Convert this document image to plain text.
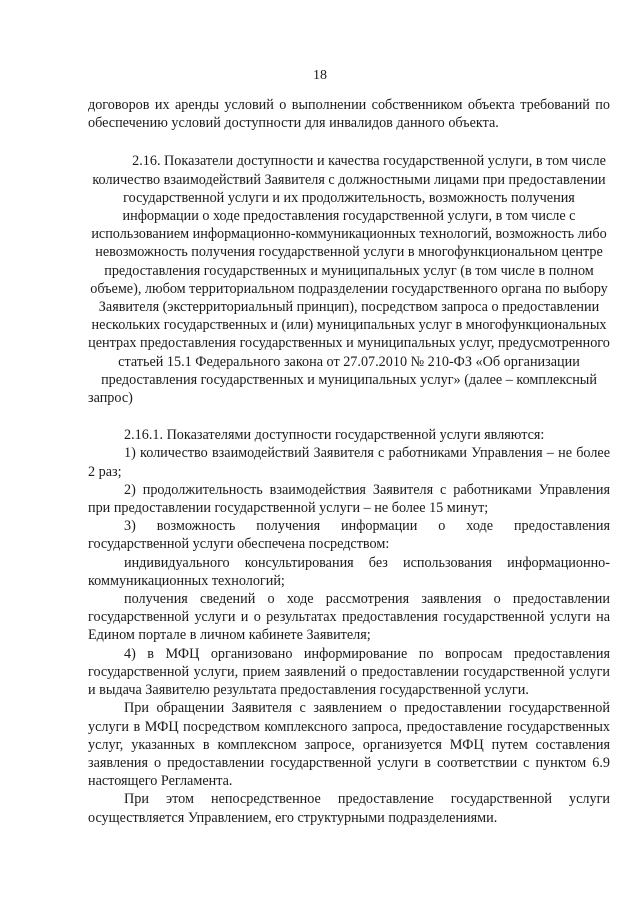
18

договоров их аренды условий о выполнении собственником объекта требований по обеспечению условий доступности для инвалидов данного объекта.

2.16. Показатели доступности и качества государственной услуги, в том числе количество взаимодействий Заявителя с должностными лицами при предоставлении государственной услуги и их продолжительность, возможность получения информации о ходе предоставления государственной услуги, в том числе с использованием информационно-коммуникационных технологий, возможность либо невозможность получения государственной услуги в многофункциональном центре предоставления государственных и муниципальных услуг (в том числе в полном объеме), любом территориальном подразделении государственного органа по выбору Заявителя (экстерриториальный принцип), посредством запроса о предоставлении нескольких государственных и (или) муниципальных услуг в многофункциональных центрах предоставления государственных и муниципальных услуг, предусмотренного статьей 15.1 Федерального закона от 27.07.2010 № 210-ФЗ «Об организации предоставления государственных и муниципальных услуг» (далее – комплексный запрос)

2.16.1. Показателями доступности государственной услуги являются:

1) количество взаимодействий Заявителя с работниками Управления – не более 2 раз;

2) продолжительность взаимодействия Заявителя с работниками Управления при предоставлении государственной услуги – не более 15 минут;

3) возможность получения информации о ходе предоставления государственной услуги обеспечена посредством:

индивидуального консультирования без использования информационно-коммуникационных технологий;

получения сведений о ходе рассмотрения заявления о предоставлении государственной услуги и о результатах предоставления государственной услуги на Едином портале в личном кабинете Заявителя;

4) в МФЦ организовано информирование по вопросам предоставления государственной услуги, прием заявлений о предоставлении государственной услуги и выдача Заявителю результата предоставления государственной услуги.

При обращении Заявителя с заявлением о предоставлении государственной услуги в МФЦ посредством комплексного запроса, предоставление государственных услуг, указанных в комплексном запросе, организуется МФЦ путем составления заявления о предоставлении государственной услуги в соответствии с пунктом 6.9 настоящего Регламента.

При этом непосредственное предоставление государственной услуги осуществляется Управлением, его структурными подразделениями.
